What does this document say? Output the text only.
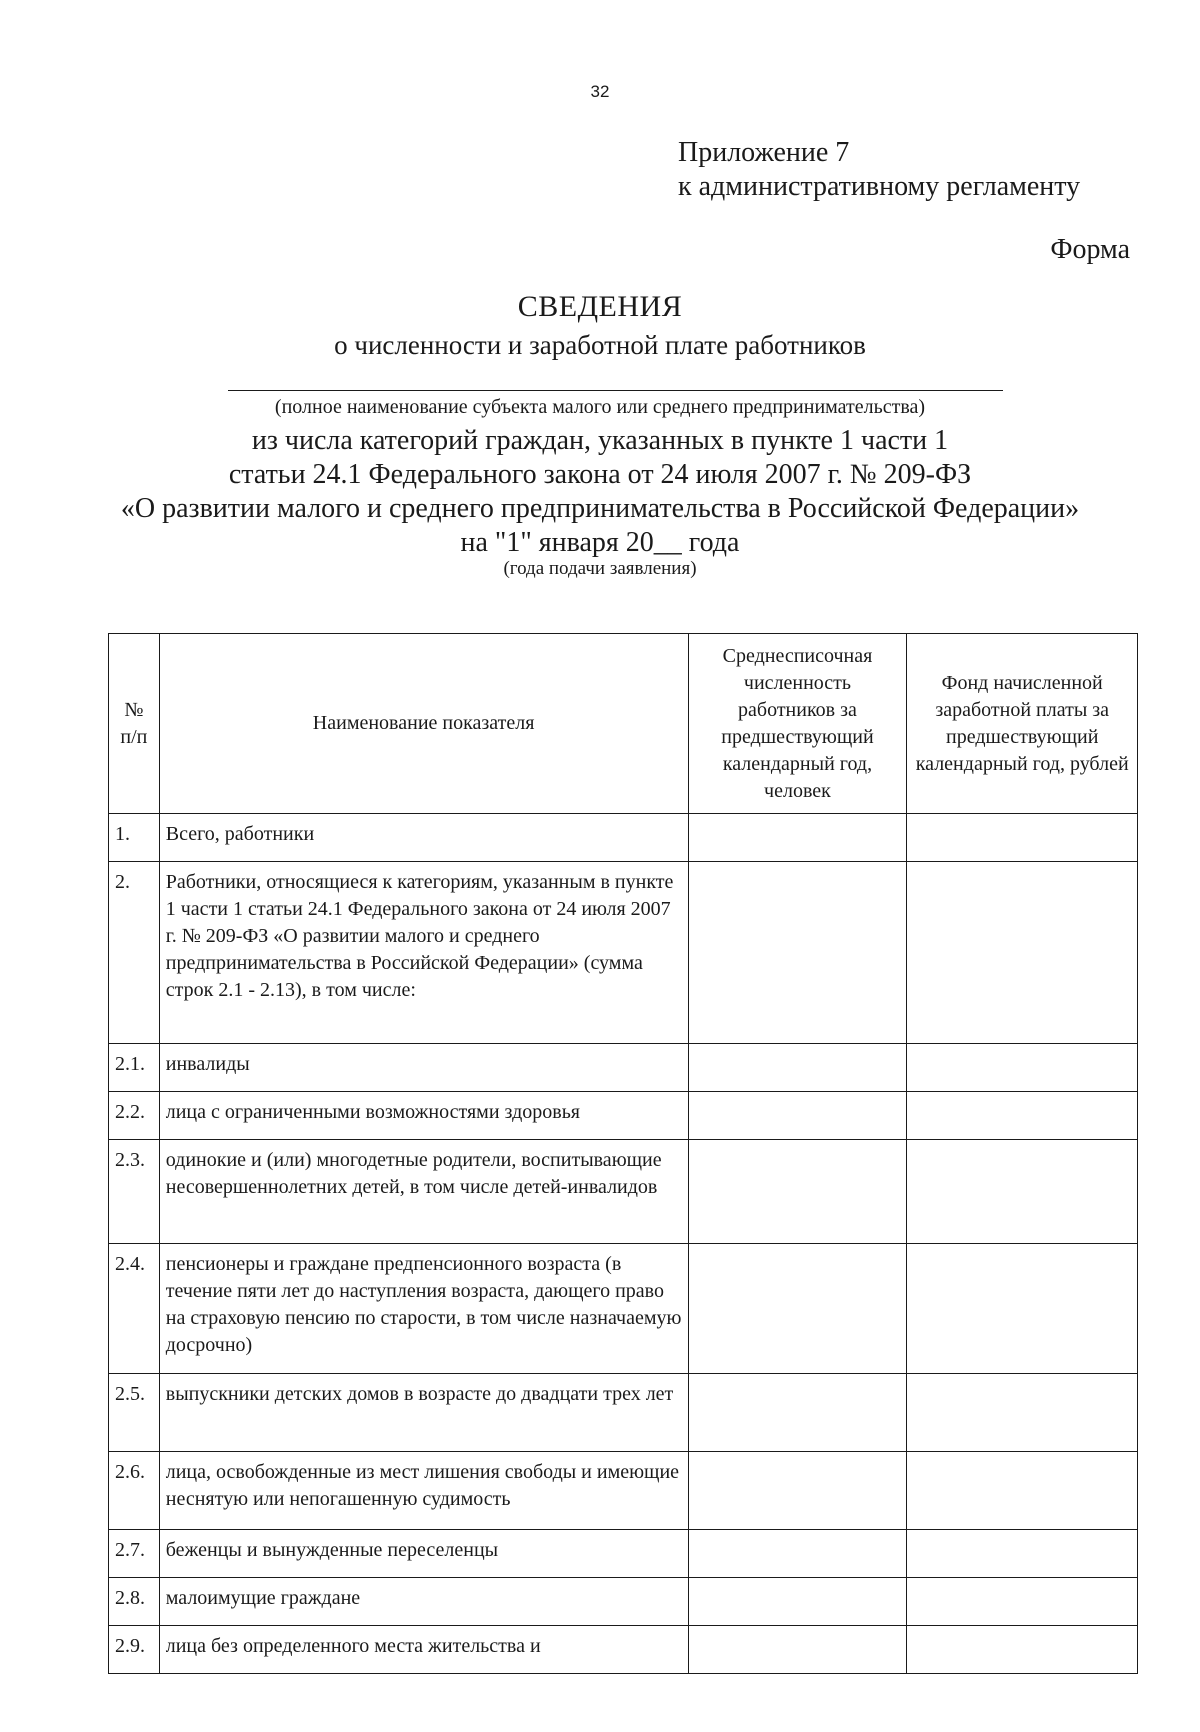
32
Приложение 7
к административному регламенту
Форма
СВЕДЕНИЯ
о численности и заработной плате работников
(полное наименование субъекта малого или среднего предпринимательства)
из числа категорий граждан, указанных в пункте 1 части 1
статьи 24.1 Федерального закона от 24 июля 2007 г. № 209-ФЗ
«О развитии малого и среднего предпринимательства в Российской Федерации»
на "1" января 20__ года
(года подачи заявления)
№ п/п	Наименование показателя	Среднесписочная численность работников за предшествующий календарный год, человек	Фонд начисленной заработной платы за предшествующий календарный год, рублей
1.	Всего, работники		
2.	Работники, относящиеся к категориям, указанным в пункте 1 части 1 статьи 24.1 Федерального закона от 24 июля 2007 г. № 209-ФЗ «О развитии малого и среднего предпринимательства в Российской Федерации» (сумма строк 2.1 - 2.13), в том числе:		
2.1.	инвалиды		
2.2.	лица с ограниченными возможностями здоровья		
2.3.	одинокие и (или) многодетные родители, воспитывающие несовершеннолетних детей, в том числе детей-инвалидов		
2.4.	пенсионеры и граждане предпенсионного возраста (в течение пяти лет до наступления возраста, дающего право на страховую пенсию по старости, в том числе назначаемую досрочно)		
2.5.	выпускники детских домов в возрасте до двадцати трех лет		
2.6.	лица, освобожденные из мест лишения свободы и имеющие неснятую или непогашенную судимость		
2.7.	беженцы и вынужденные переселенцы		
2.8.	малоимущие граждане		
2.9.	лица без определенного места жительства и		
